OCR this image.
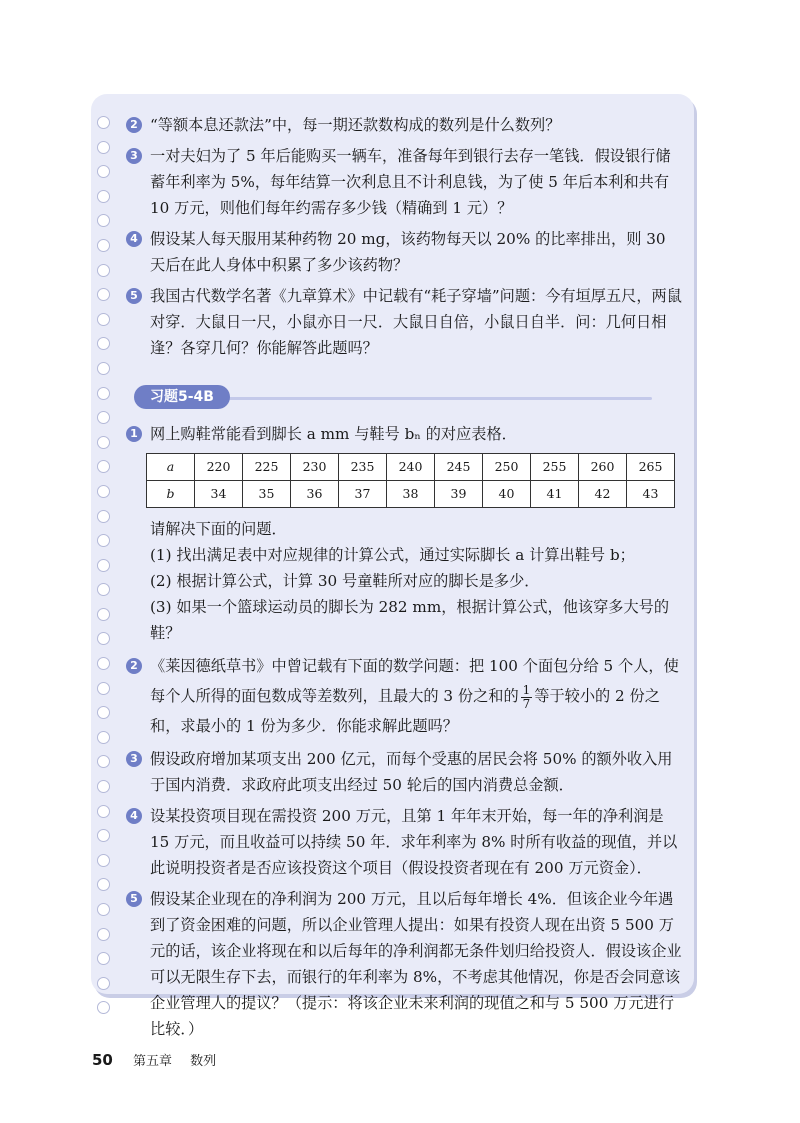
2 “等额本息还款法”中，每一期还款数构成的数列是什么数列？

3 一对夫妇为了 5 年后能购买一辆车，准备每年到银行去存一笔钱．假设银行储蓄年利率为 5%，每年结算一次利息且不计利息钱，为了使 5 年后本利和共有 10 万元，则他们每年约需存多少钱（精确到 1 元）？

4 假设某人每天服用某种药物 20 mg，该药物每天以 20% 的比率排出，则 30 天后在此人身体中积累了多少该药物？

5 我国古代数学名著《九章算术》中记载有“耗子穿墙”问题：今有垣厚五尺，两鼠对穿．大鼠日一尺，小鼠亦日一尺．大鼠日自倍，小鼠日自半．问：几何日相逢？各穿几何？你能解答此题吗？

习题5-4B
1 网上购鞋常能看到脚长 a mm 与鞋号 bₙ 的对应表格．
a	220	225	230	235	240	245	250	255	260	265
b	34	35	36	37	38	39	40	41	42	43
请解决下面的问题．
(1) 找出满足表中对应规律的计算公式，通过实际脚长 a 计算出鞋号 b；
(2) 根据计算公式，计算 30 号童鞋所对应的脚长是多少．
(3) 如果一个篮球运动员的脚长为 282 mm，根据计算公式，他该穿多大号的鞋？

2 《莱因德纸草书》中曾记载有下面的数学问题：把 100 个面包分给 5 个人，使每个人所得的面包数成等差数列，且最大的 3 份之和的 $\frac{1}{7}$ 等于较小的 2 份之和，求最小的 1 份为多少．你能求解此题吗？

3 假设政府增加某项支出 200 亿元，而每个受惠的居民会将 50% 的额外收入用于国内消费．求政府此项支出经过 50 轮后的国内消费总金额．

4 设某投资项目现在需投资 200 万元，且第 1 年年末开始，每一年的净利润是 15 万元，而且收益可以持续 50 年．求年利率为 8% 时所有收益的现值，并以此说明投资者是否应该投资这个项目（假设投资者现在有 200 万元资金）．

5 假设某企业现在的净利润为 200 万元，且以后每年增长 4%．但该企业今年遇到了资金困难的问题，所以企业管理人提出：如果有投资人现在出资 5 500 万元的话，该企业将现在和以后每年的净利润都无条件划归给投资人．假设该企业可以无限生存下去，而银行的年利率为 8%，不考虑其他情况，你是否会同意该企业管理人的提议？（提示：将该企业未来利润的现值之和与 5 500 万元进行比较．）

50 第五章 数列
